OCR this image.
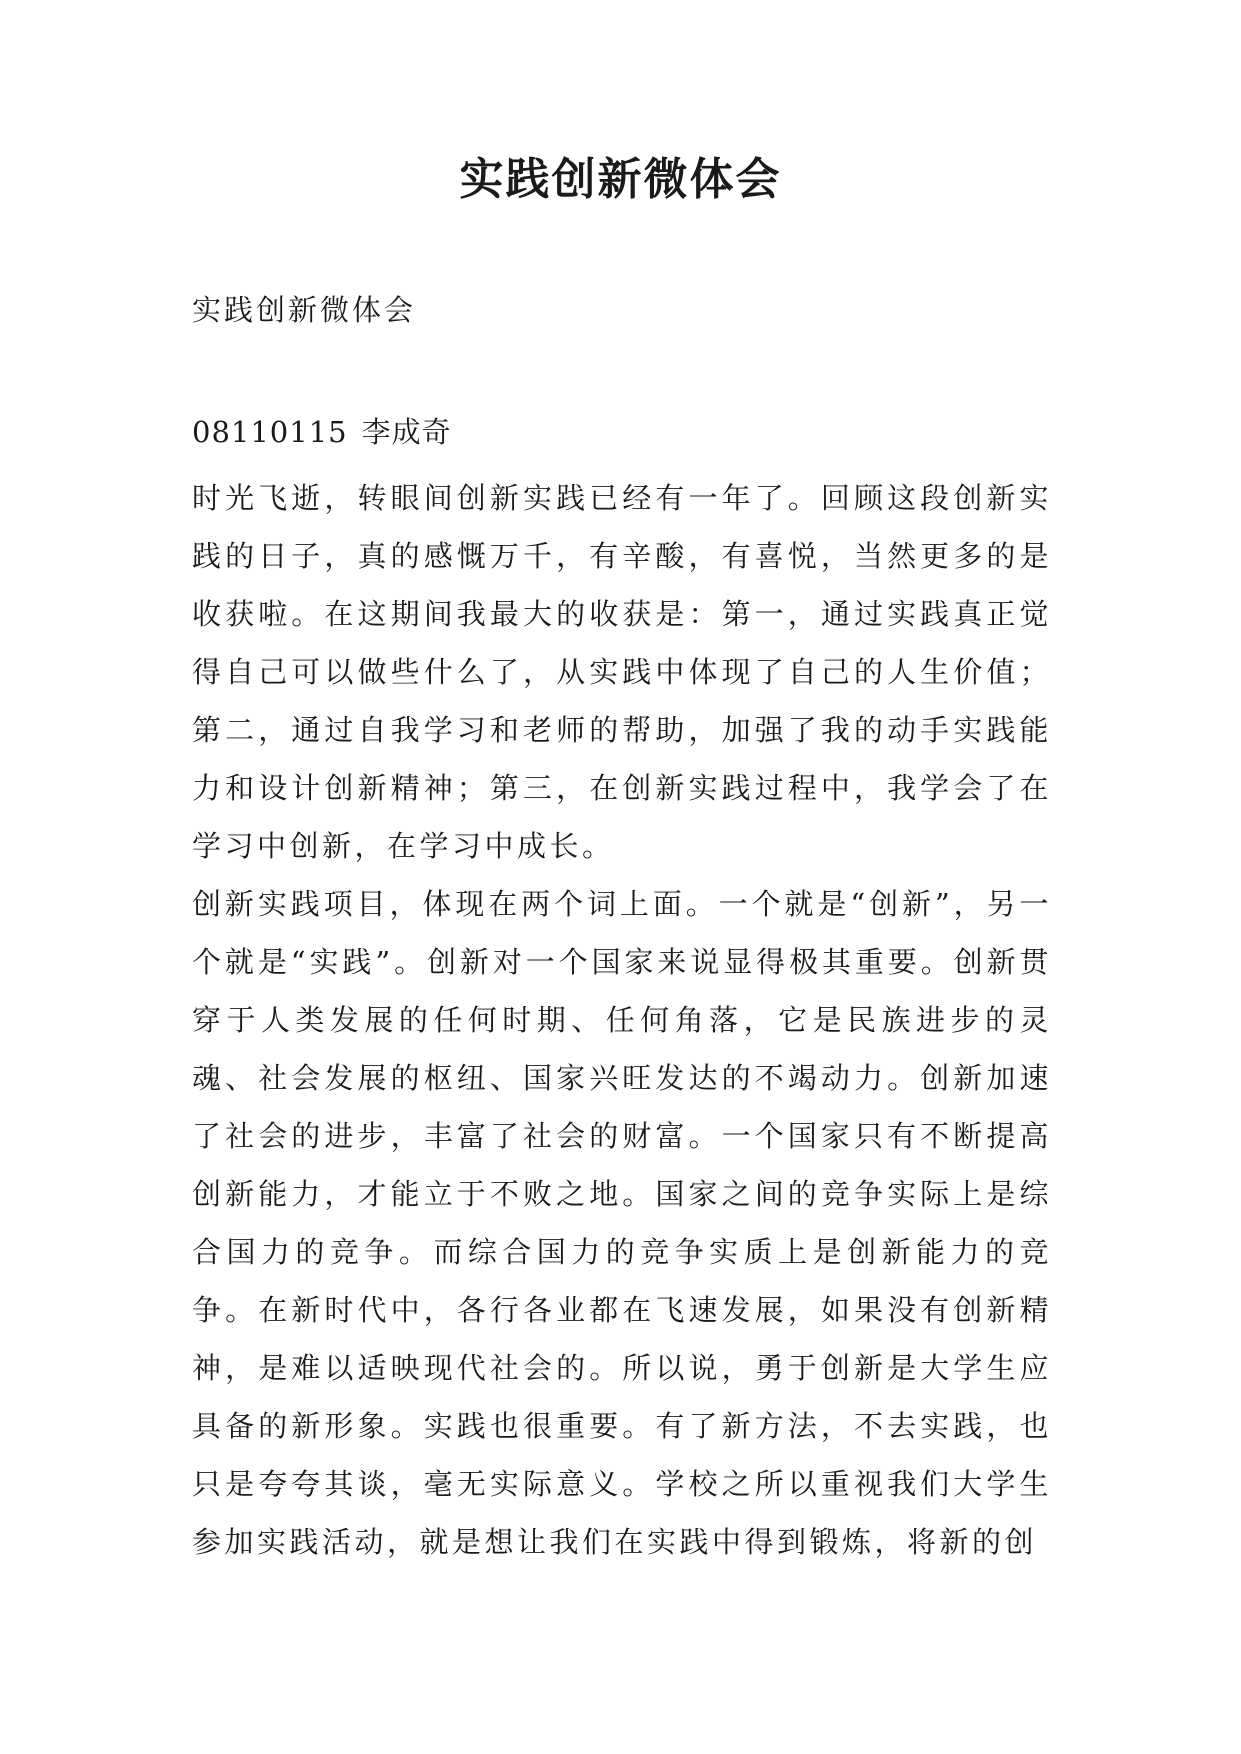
实践创新微体会

实践创新微体会

08110115 李成奇

时光飞逝，转眼间创新实践已经有一年了。回顾这段创新实践的日子，真的感慨万千，有辛酸，有喜悦，当然更多的是收获啦。在这期间我最大的收获是：第一，通过实践真正觉得自己可以做些什么了，从实践中体现了自己的人生价值；第二，通过自我学习和老师的帮助，加强了我的动手实践能力和设计创新精神；第三，在创新实践过程中，我学会了在学习中创新，在学习中成长。

创新实践项目，体现在两个词上面。一个就是“创新”，另一个就是“实践”。创新对一个国家来说显得极其重要。创新贯穿于人类发展的任何时期、任何角落，它是民族进步的灵魂、社会发展的枢纽、国家兴旺发达的不竭动力。创新加速了社会的进步，丰富了社会的财富。一个国家只有不断提高创新能力，才能立于不败之地。国家之间的竞争实际上是综合国力的竞争。而综合国力的竞争实质上是创新能力的竞争。在新时代中，各行各业都在飞速发展，如果没有创新精神，是难以适映现代社会的。所以说，勇于创新是大学生应具备的新形象。实践也很重要。有了新方法，不去实践，也只是夸夸其谈，毫无实际意义。学校之所以重视我们大学生参加实践活动，就是想让我们在实践中得到锻炼，将新的创
